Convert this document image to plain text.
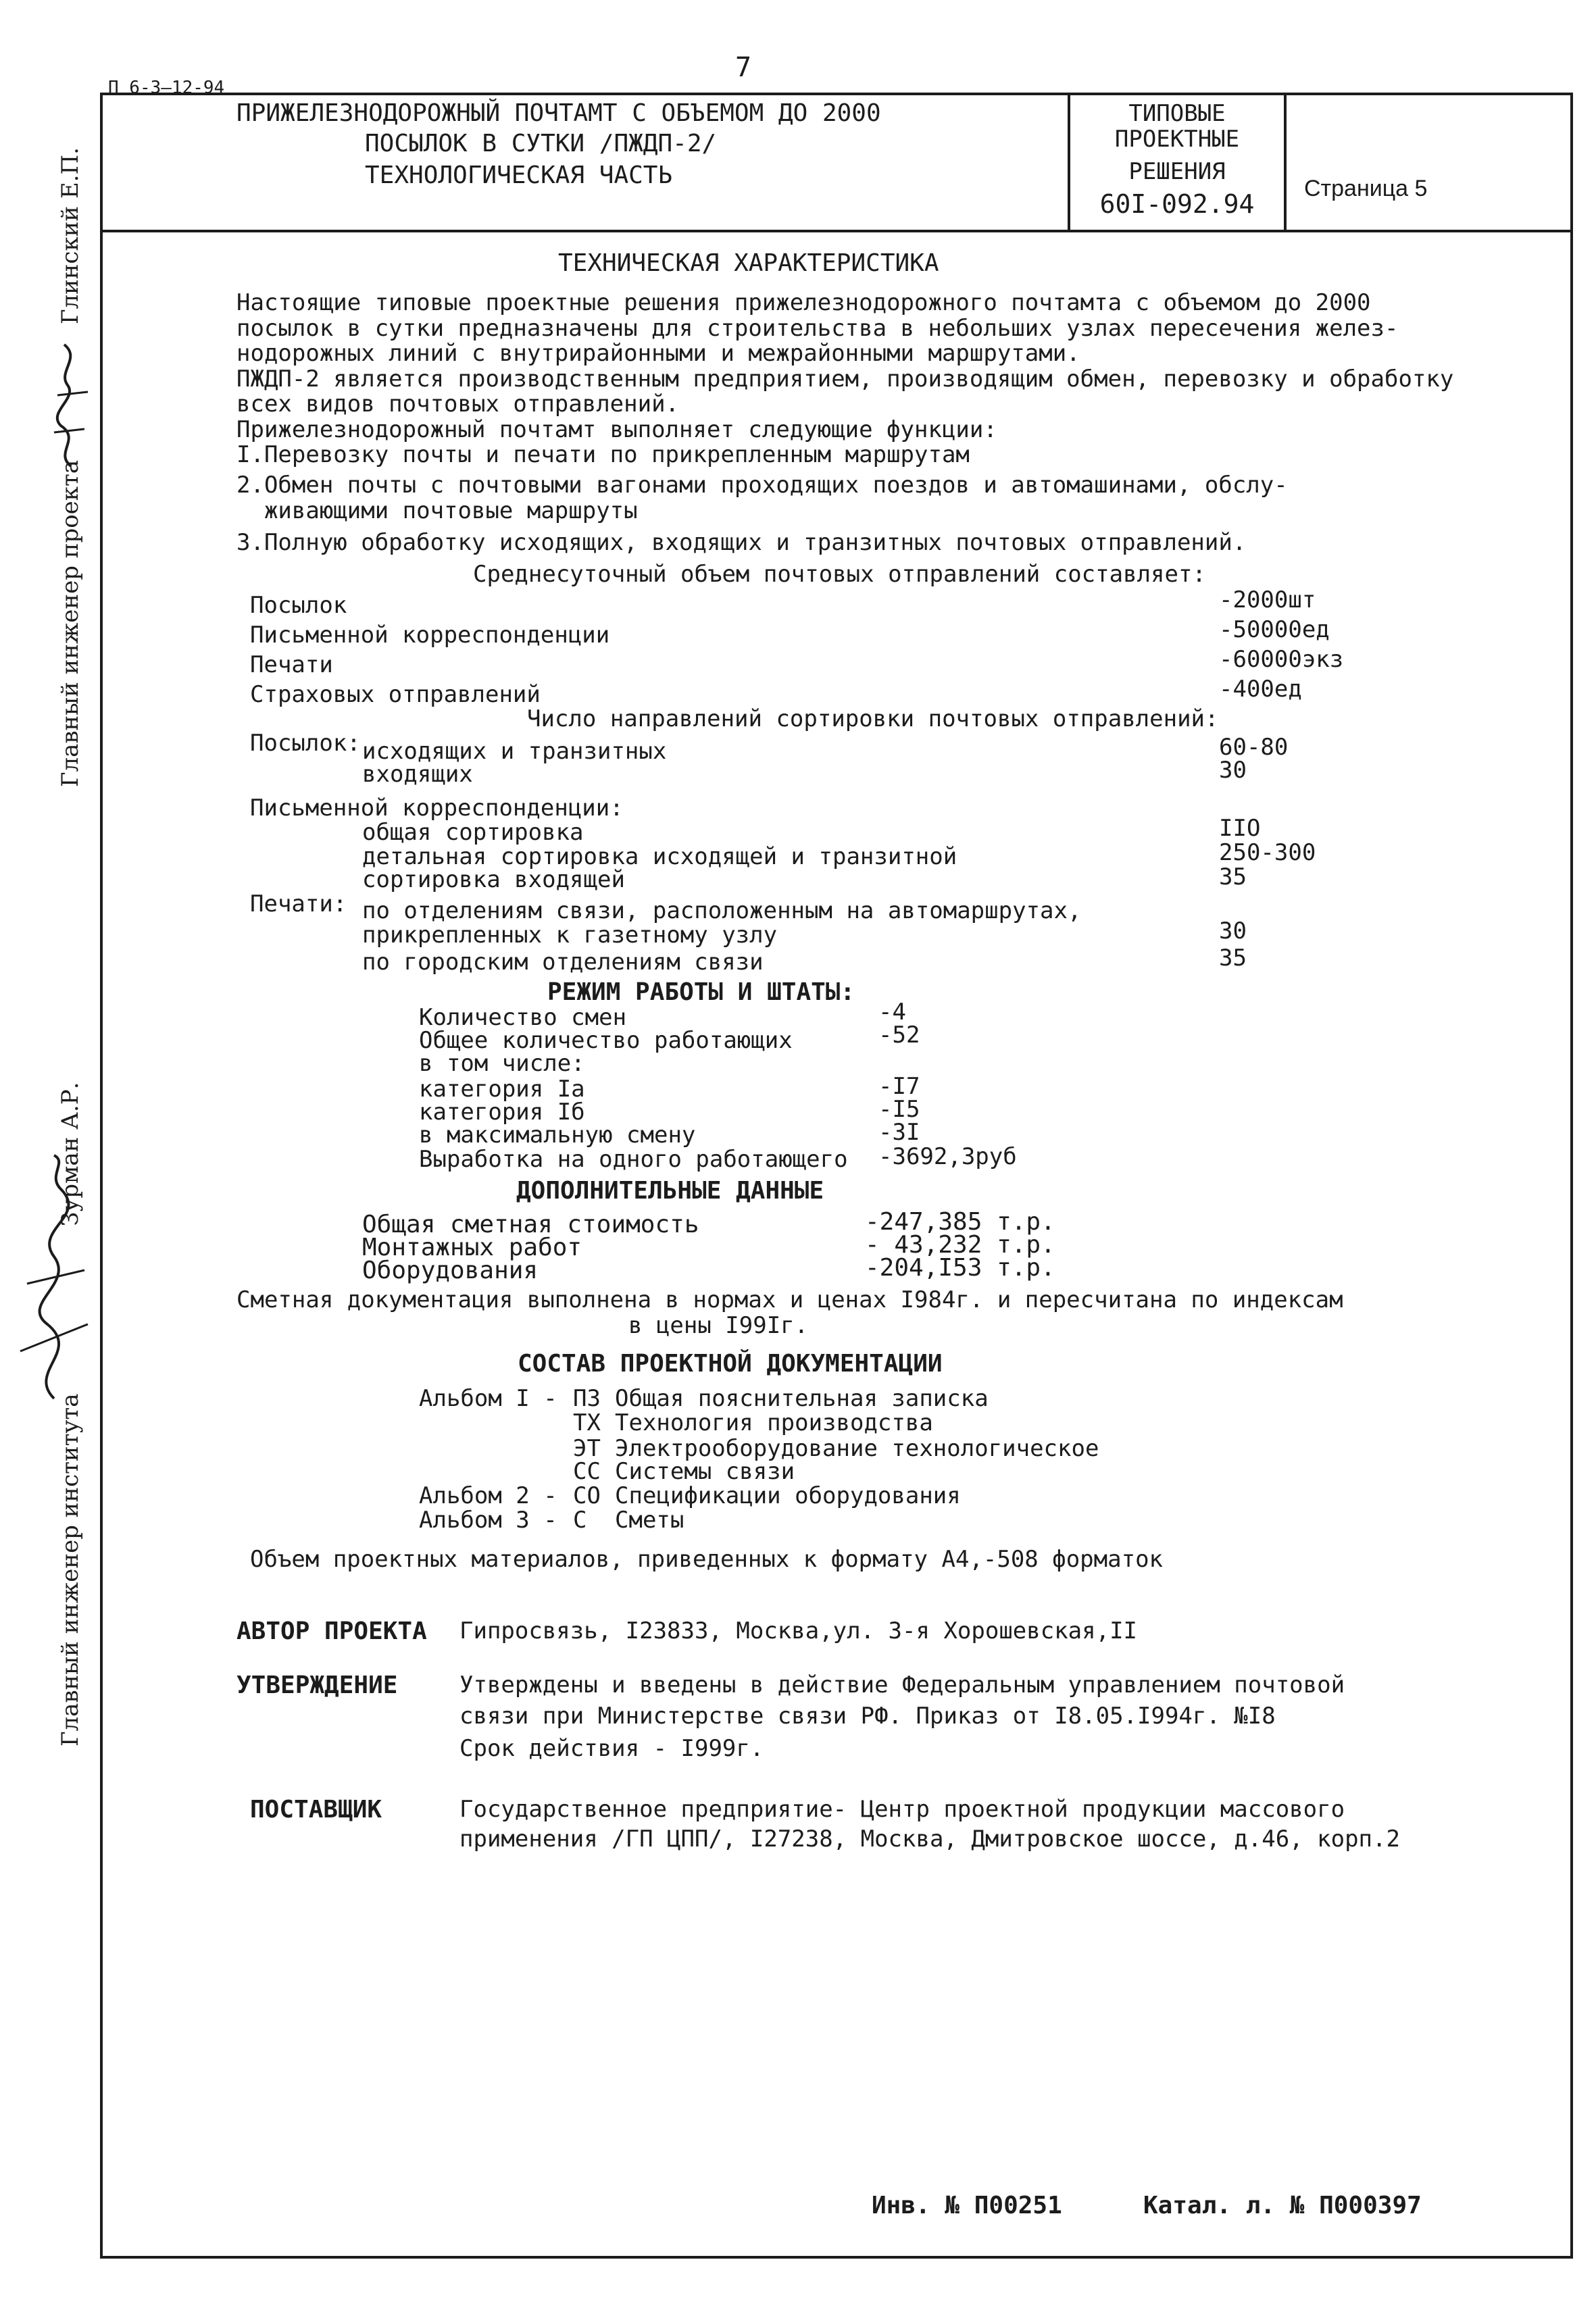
П 6-3—12-94
7
ПРИЖЕЛЕЗНОДОРОЖНЫЙ ПОЧТАМТ С ОБЪЕМОМ ДО 2000
ПОСЫЛОК В СУТКИ /ПЖДП-2/
ТЕХНОЛОГИЧЕСКАЯ ЧАСТЬ
ТИПОВЫЕ
ПРОЕКТНЫЕ
РЕШЕНИЯ
60I-092.94
Страница 5
Главный инженер проекта
Глинский Е.П.
Главный инженер института
Зурман А.Р.
ТЕХНИЧЕСКАЯ ХАРАКТЕРИСТИКА
Настоящие типовые проектные решения прижелезнодорожного почтамта с объемом до 2000
посылок в сутки предназначены для строительства в небольших узлах пересечения желез-
нодорожных линий с внутрирайонными и межрайонными маршрутами.
ПЖДП-2 является производственным предприятием, производящим обмен, перевозку и обработку
всех видов почтовых отправлений.
Прижелезнодорожный почтамт выполняет следующие функции:
I.Перевозку почты и печати по прикрепленным маршрутам
2.Обмен почты с почтовыми вагонами проходящих поездов и автомашинами, обслу-
живающими почтовые маршруты
3.Полную обработку исходящих, входящих и транзитных почтовых отправлений.
Среднесуточный объем почтовых отправлений составляет:
Посылок	-2000шт
Письменной корреспонденции	-50000ед
Печати	-60000экз
Страховых отправлений	-400ед
Число направлений сортировки почтовых отправлений:
Посылок: исходящих и транзитных	60-80
входящих	30
Письменной корреспонденции:
общая сортировка	IIO
детальная сортировка исходящей и транзитной	250-300
сортировка входящей	35
Печати: по отделениям связи, расположенным на автомаршрутах,
прикрепленных к газетному узлу	30
по городским отделениям связи	35
РЕЖИМ РАБОТЫ И ШТАТЫ:
Количество смен	-4
Общее количество работающих	-52
в том числе:
категория Iа	-I7
категория Iб	-I5
в максимальную смену	-3I
Выработка на одного работающего -3692,3руб
ДОПОЛНИТЕЛЬНЫЕ ДАННЫЕ
Общая сметная стоимость	-247,385 т.р.
Монтажных работ	- 43,232 т.р.
Оборудования	-204,I53 т.р.
Сметная документация выполнена в нормах и ценах I984г. и пересчитана по индексам
в цены I99Iг.
СОСТАВ ПРОЕКТНОЙ ДОКУМЕНТАЦИИ
Альбом I - ПЗ Общая пояснительная записка
ТХ Технология производства
ЭТ Электрооборудование технологическое
СС Системы связи
Альбом 2 - СО Спецификации оборудования
Альбом 3 - С Сметы
Объем проектных материалов, приведенных к формату А4,-508 форматок
АВТОР ПРОЕКТА Гипросвязь, I23833, Москва,ул. 3-я Хорошевская,II
УТВЕРЖДЕНИЕ	Утверждены и введены в действие Федеральным управлением почтовой
связи при Министерстве связи РФ. Приказ от I8.05.I994г. №I8
Срок действия - I999г.
ПОСТАВЩИК	Государственное предприятие- Центр проектной продукции массового
применения /ГП ЦПП/, I27238, Москва, Дмитровское шоссе, д.46, корп.2
Инв. № П00251	Катал. л. № П000397
